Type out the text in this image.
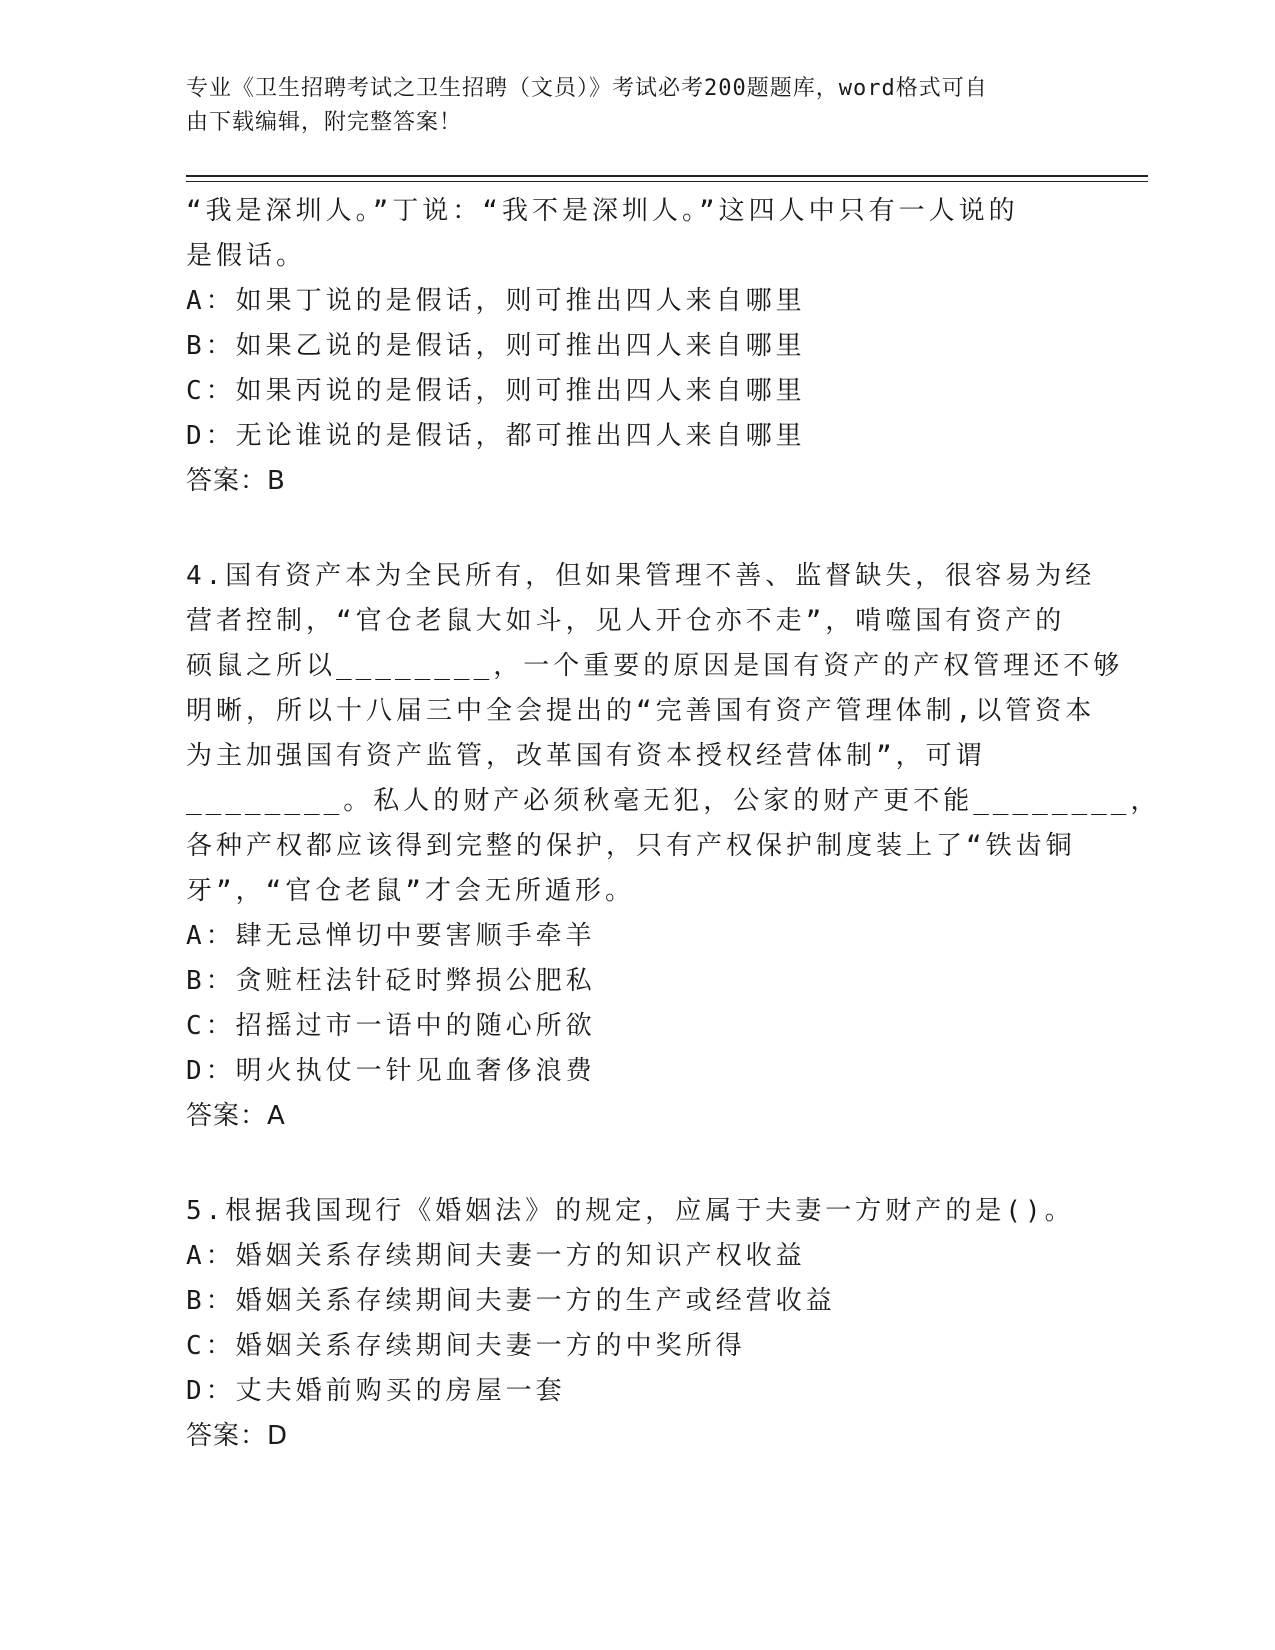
专业《卫生招聘考试之卫生招聘（文员）》考试必考200题题库，word格式可自
由下载编辑，附完整答案！
“我是深圳人。”丁说：“我不是深圳人。”这四人中只有一人说的
是假话。
A：如果丁说的是假话，则可推出四人来自哪里
B：如果乙说的是假话，则可推出四人来自哪里
C：如果丙说的是假话，则可推出四人来自哪里
D：无论谁说的是假话，都可推出四人来自哪里
答案：B
4.国有资产本为全民所有，但如果管理不善、监督缺失，很容易为经
营者控制，“官仓老鼠大如斗，见人开仓亦不走”，啃噬国有资产的
硕鼠之所以________，一个重要的原因是国有资产的产权管理还不够
明晰，所以十八届三中全会提出的“完善国有资产管理体制,以管资本
为主加强国有资产监管，改革国有资本授权经营体制”，可谓
________。私人的财产必须秋毫无犯，公家的财产更不能________，
各种产权都应该得到完整的保护，只有产权保护制度装上了“铁齿铜
牙”，“官仓老鼠”才会无所遁形。
A：肆无忌惮切中要害顺手牵羊
B：贪赃枉法针砭时弊损公肥私
C：招摇过市一语中的随心所欲
D：明火执仗一针见血奢侈浪费
答案：A
5.根据我国现行《婚姻法》的规定，应属于夫妻一方财产的是()。
A：婚姻关系存续期间夫妻一方的知识产权收益
B：婚姻关系存续期间夫妻一方的生产或经营收益
C：婚姻关系存续期间夫妻一方的中奖所得
D：丈夫婚前购买的房屋一套
答案：D
